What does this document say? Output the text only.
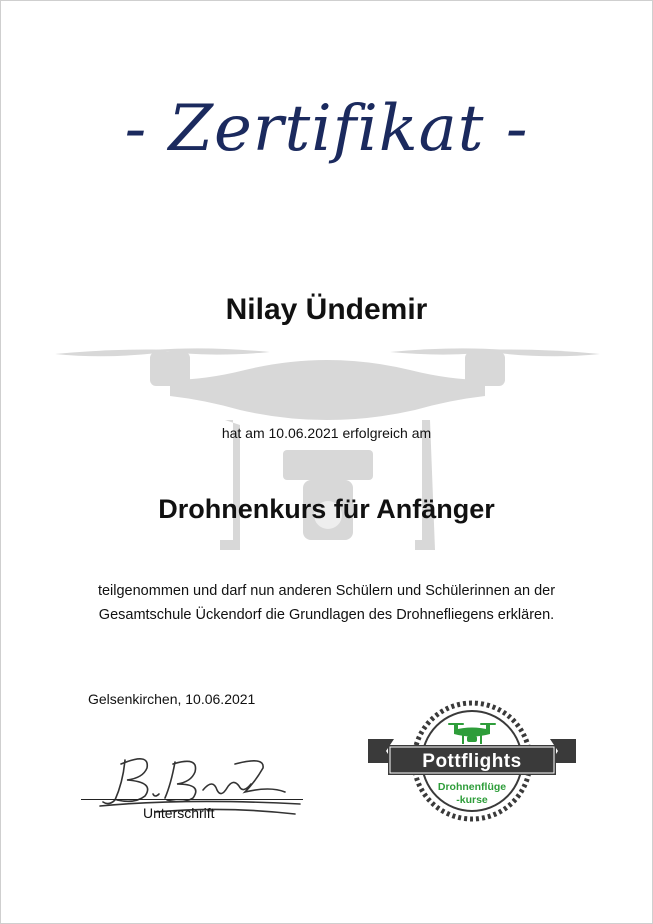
- Zertifikat -
Nilay Ündemir
hat am 10.06.2021 erfolgreich am
Drohnenkurs für Anfänger
teilgenommen und darf nun anderen Schülern und Schülerinnen an der
Gesamtschule Ückendorf die Grundlagen des Drohnefliegens erklären.
Gelsenkirchen, 10.06.2021
Unterschrift
Pottflights
Drohnenflüge
-kurse
